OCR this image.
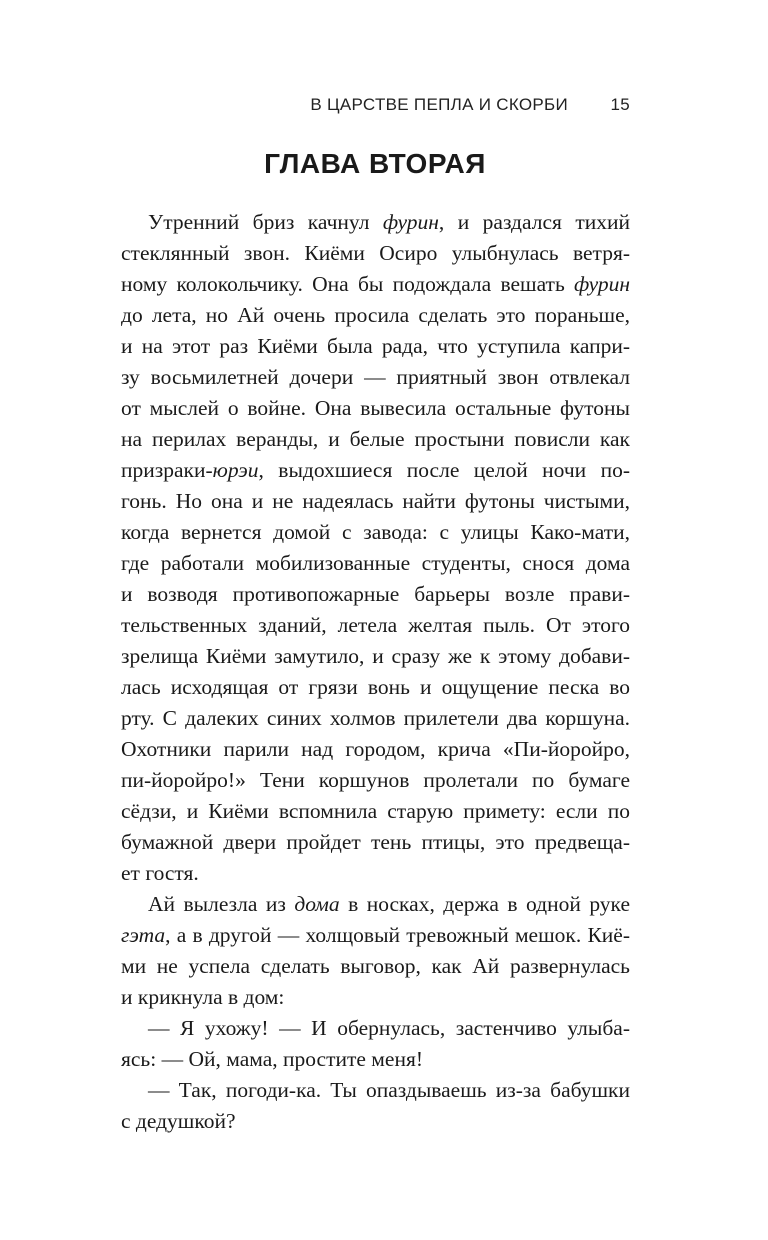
В ЦАРСТВЕ ПЕПЛА И СКОРБИ 15
ГЛАВА ВТОРАЯ
Утренний бриз качнул фурин, и раздался тихий
стеклянный звон. Киёми Осиро улыбнулась ветря-
ному колокольчику. Она бы подождала вешать фурин
до лета, но Ай очень просила сделать это пораньше,
и на этот раз Киёми была рада, что уступила капри-
зу восьмилетней дочери — приятный звон отвлекал
от мыслей о войне. Она вывесила остальные футоны
на перилах веранды, и белые простыни повисли как
призраки-юрэи, выдохшиеся после целой ночи по-
гонь. Но она и не надеялась найти футоны чистыми,
когда вернется домой с завода: с улицы Како-мати,
где работали мобилизованные студенты, снося дома
и возводя противопожарные барьеры возле прави-
тельственных зданий, летела желтая пыль. От этого
зрелища Киёми замутило, и сразу же к этому добави-
лась исходящая от грязи вонь и ощущение песка во
рту. С далеких синих холмов прилетели два коршуна.
Охотники парили над городом, крича «Пи-йоройро,
пи-йоройро!» Тени коршунов пролетали по бумаге
сёдзи, и Киёми вспомнила старую примету: если по
бумажной двери пройдет тень птицы, это предвеща-
ет гостя.
Ай вылезла из дома в носках, держа в одной руке
гэта, а в другой — холщовый тревожный мешок. Киё-
ми не успела сделать выговор, как Ай развернулась
и крикнула в дом:
— Я ухожу! — И обернулась, застенчиво улыба-
ясь: — Ой, мама, простите меня!
— Так, погоди-ка. Ты опаздываешь из-за бабушки
с дедушкой?
